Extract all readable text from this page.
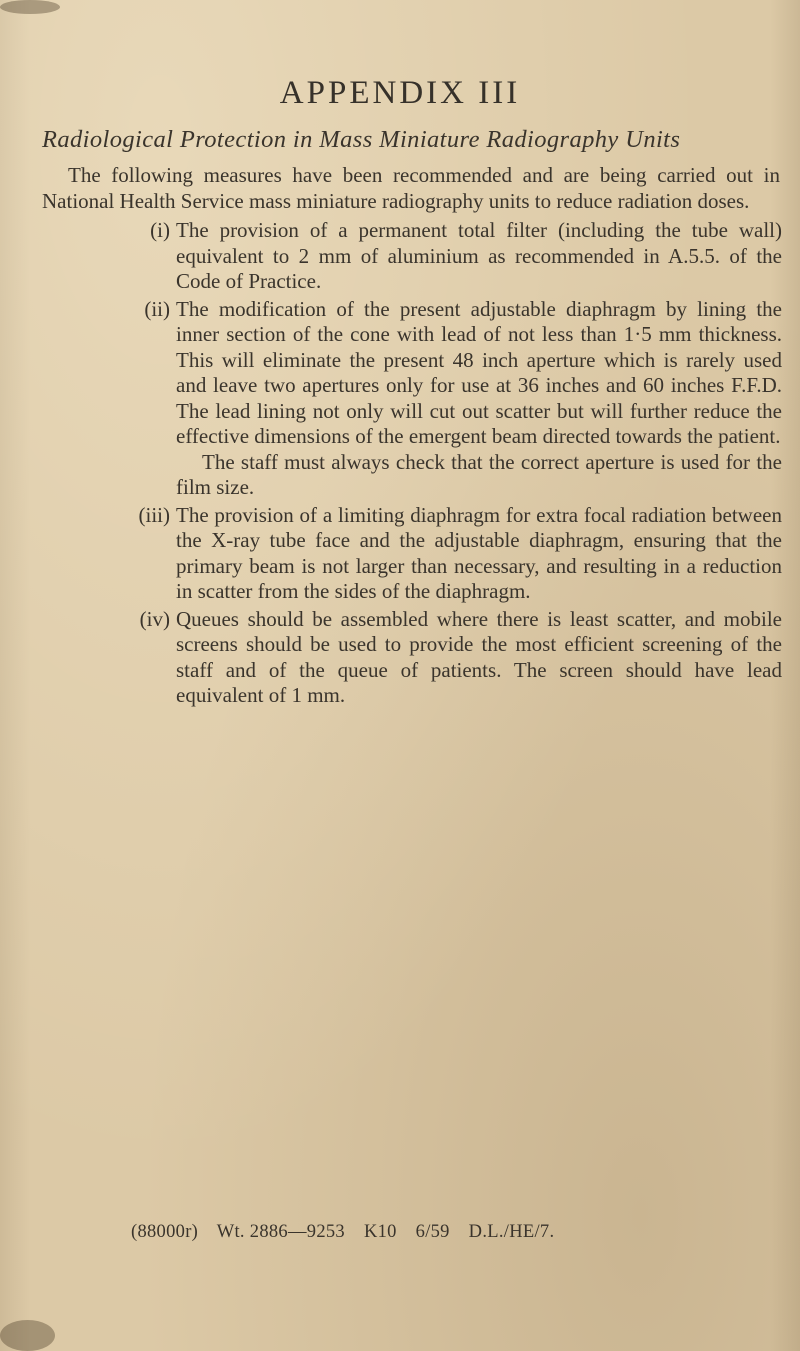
APPENDIX III
Radiological Protection in Mass Miniature Radiography Units

The following measures have been recommended and are being carried out in National Health Service mass miniature radiography units to reduce radiation doses.

(i) The provision of a permanent total filter (including the tube wall) equivalent to 2 mm of aluminium as recommended in A.5.5. of the Code of Practice.

(ii) The modification of the present adjustable diaphragm by lining the inner section of the cone with lead of not less than 1·5 mm thickness. This will eliminate the present 48 inch aperture which is rarely used and leave two apertures only for use at 36 inches and 60 inches F.F.D. The lead lining not only will cut out scatter but will further reduce the effective dimensions of the emergent beam directed towards the patient.

The staff must always check that the correct aperture is used for the film size.

(iii) The provision of a limiting diaphragm for extra focal radiation between the X-ray tube face and the adjustable diaphragm, ensuring that the primary beam is not larger than necessary, and resulting in a reduction in scatter from the sides of the diaphragm.

(iv) Queues should be assembled where there is least scatter, and mobile screens should be used to provide the most efficient screening of the staff and of the queue of patients. The screen should have lead equivalent of 1 mm.

(88000r) Wt. 2886—9253 K10 6/59 D.L./HE/7.
